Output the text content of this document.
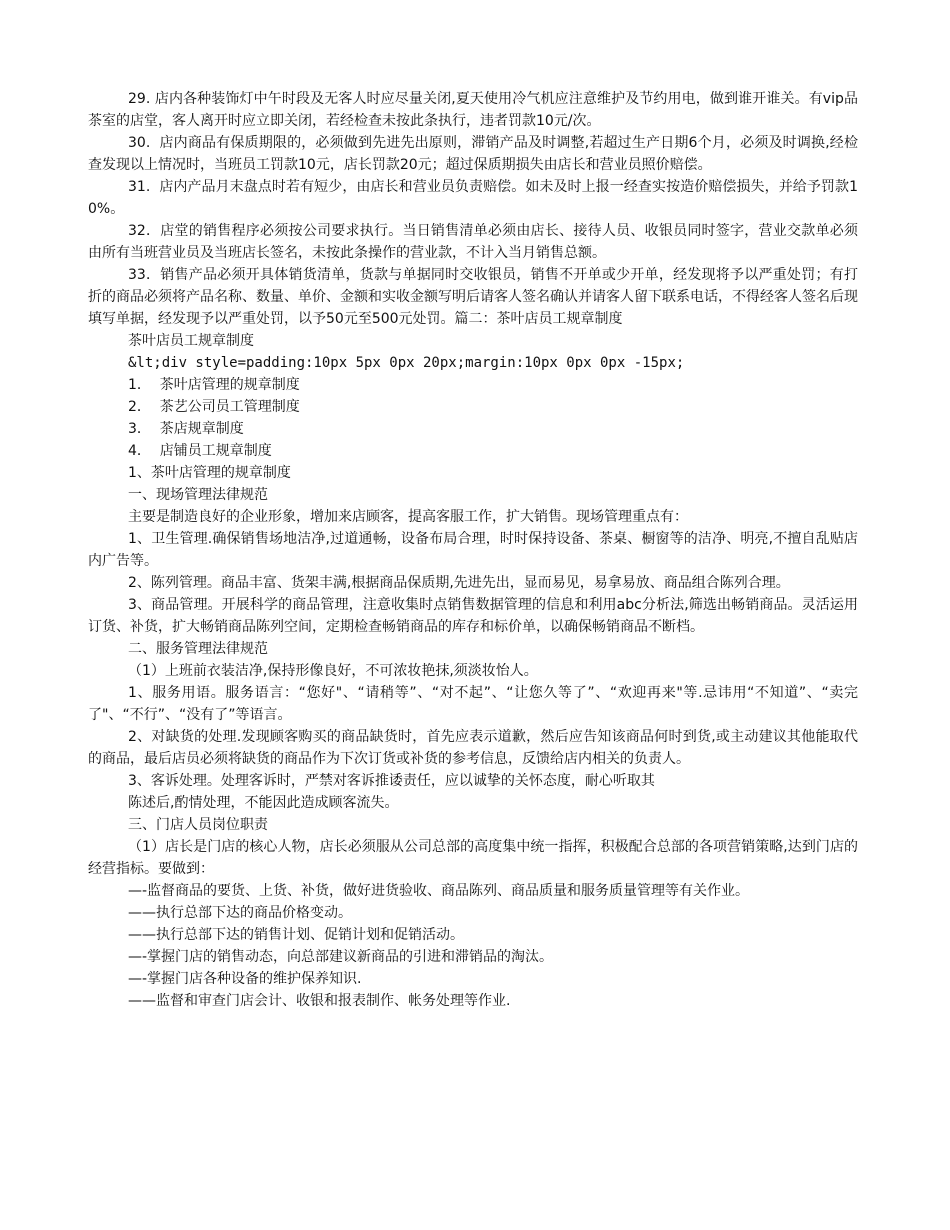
29. 店内各种装饰灯中午时段及无客人时应尽量关闭,夏天使用冷气机应注意维护及节约用电，做到谁开谁关。有vip品茶室的店堂，客人离开时应立即关闭，若经检查未按此条执行，违者罚款10元/次。

30.  店内商品有保质期限的，必须做到先进先出原则，滞销产品及时调整,若超过生产日期6个月，必须及时调换,经检查发现以上情况时，当班员工罚款10元，店长罚款20元；超过保质期损失由店长和营业员照价赔偿。

31.  店内产品月末盘点时若有短少，由店长和营业员负责赔偿。如未及时上报一经查实按造价赔偿损失，并给予罚款10%。

32．店堂的销售程序必须按公司要求执行。当日销售清单必须由店长、接待人员、收银员同时签字，营业交款单必须由所有当班营业员及当班店长签名，未按此条操作的营业款，不计入当月销售总额。

33．销售产品必须开具体销货清单，货款与单据同时交收银员，销售不开单或少开单，经发现将予以严重处罚；有打折的商品必须将产品名称、数量、单价、金额和实收金额写明后请客人签名确认并请客人留下联系电话，不得经客人签名后现填写单据，经发现予以严重处罚，以予50元至500元处罚。篇二：茶叶店员工规章制度

茶叶店员工规章制度

&lt;div style=padding:10px 5px 0px 20px;margin:10px 0px 0px -15px;

1．  茶叶店管理的规章制度

2．  茶艺公司员工管理制度

3．  茶店规章制度

4．  店铺员工规章制度

1、茶叶店管理的规章制度

一、现场管理法律规范

主要是制造良好的企业形象，增加来店顾客，提高客服工作，扩大销售。现场管理重点有：

1、卫生管理.确保销售场地洁净,过道通畅，设备布局合理，时时保持设备、茶桌、橱窗等的洁净、明亮,不擅自乱贴店内广告等。

2、陈列管理。商品丰富、货架丰满,根据商品保质期,先进先出，显而易见，易拿易放、商品组合陈列合理。

3、商品管理。开展科学的商品管理，注意收集时点销售数据管理的信息和利用abc分析法,筛选出畅销商品。灵活运用订货、补货，扩大畅销商品陈列空间，定期检查畅销商品的库存和标价单，以确保畅销商品不断档。

二、服务管理法律规范

（1）上班前衣装洁净,保持形像良好，不可浓妆艳抹,须淡妆怡人。

1、服务用语。服务语言：“您好"、“请稍等”、“对不起”、“让您久等了”、“欢迎再来"等.忌讳用“不知道”、“卖完了"、“不行”、“没有了”等语言。

2、对缺货的处理.发现顾客购买的商品缺货时，首先应表示道歉，然后应告知该商品何时到货,或主动建议其他能取代的商品，最后店员必须将缺货的商品作为下次订货或补货的参考信息，反馈给店内相关的负责人。

3、客诉处理。处理客诉时，严禁对客诉推诿责任，应以诚挚的关怀态度，耐心听取其

陈述后,酌情处理，不能因此造成顾客流失。

三、门店人员岗位职责

（1）店长是门店的核心人物，店长必须服从公司总部的高度集中统一指挥，积极配合总部的各项营销策略,达到门店的经营指标。要做到：

—-监督商品的要货、上货、补货，做好进货验收、商品陈列、商品质量和服务质量管理等有关作业。

——执行总部下达的商品价格变动。

——执行总部下达的销售计划、促销计划和促销活动。

—-掌握门店的销售动态，向总部建议新商品的引进和滞销品的淘汰。

—-掌握门店各种设备的维护保养知识.

——监督和审查门店会计、收银和报表制作、帐务处理等作业.
